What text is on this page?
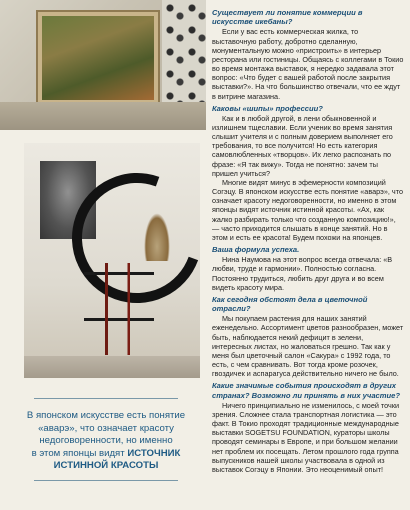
В японском искусстве есть понятие
«аварэ», что означает красоту
недоговоренности, но именно
в этом японцы видят ИСТОЧНИК
ИСТИННОЙ КРАСОТЫ

Существует ли понятие коммерции в искусстве икебаны?

Если у вас есть коммерческая жилка, то выставочную работу, добротно сделанную, монументальную можно «пристроить» в интерьер ресторана или гостиницы. Общаясь с коллегами в Токио во время монтажа выставок, я нередко задавала этот вопрос: «Что будет с вашей работой после закрытия выставки?». На что большинство отвечали, что ее ждут в витрине магазина.

Каковы «шипы» профессии?

Как и в любой другой, в лени обыкновенной и излишнем тщеславии. Если ученик во время занятия слышит учителя и с полным доверием выполняет его требования, то все получится! Но есть категория самовлюбленных «творцов». Их легко распознать по фразе: «Я так вижу». Тогда не понятно: зачем ты пришел учиться?

Многие видят минус в эфемерности композиций Согэцу. В японском искусстве есть понятие «аварэ», что означает красоту недоговоренности, но именно в этом японцы видят источник истинной красоты. «Ах, как жалко разбирать только что созданную композицию!», — часто приходится слышать в конце занятий. Но в этом и есть ее красота! Будем похожи на японцев.

Ваша формула успеха.

Нина Наумова на этот вопрос всегда отвечала: «В любви, труде и гармонии». Полностью согласна. Постоянно трудиться, любить друг друга и во всем видеть красоту мира.

Как сегодня обстоят дела в цветочной отрасли?

Мы покупаем растения для наших занятий еженедельно. Ассортимент цветов разнообразен, может быть, наблюдается некий дефицит в зелени, интересных листах, но жаловаться грешно. Так как у меня был цветочный салон «Сакура» с 1992 года, то есть, с чем сравнивать. Вот тогда кроме розочек, гвоздичек и аспарагуса действительно ничего не было.

Какие значимые события происходят в других странах? Возможно ли принять в них участие?

Ничего принципиально не изменилось, с моей точки зрения. Сложнее стала транспортная логистика — это факт. В Токио проходят традиционные международные выставки SOGETSU FOUNDATION, кураторы школы проводят семинары в Европе, и при большом желании нет проблем их посещать. Летом прошлого года группа выпускников нашей школы участвовала в одной из выставок Согэцу в Японии. Это неоценимый опыт!
